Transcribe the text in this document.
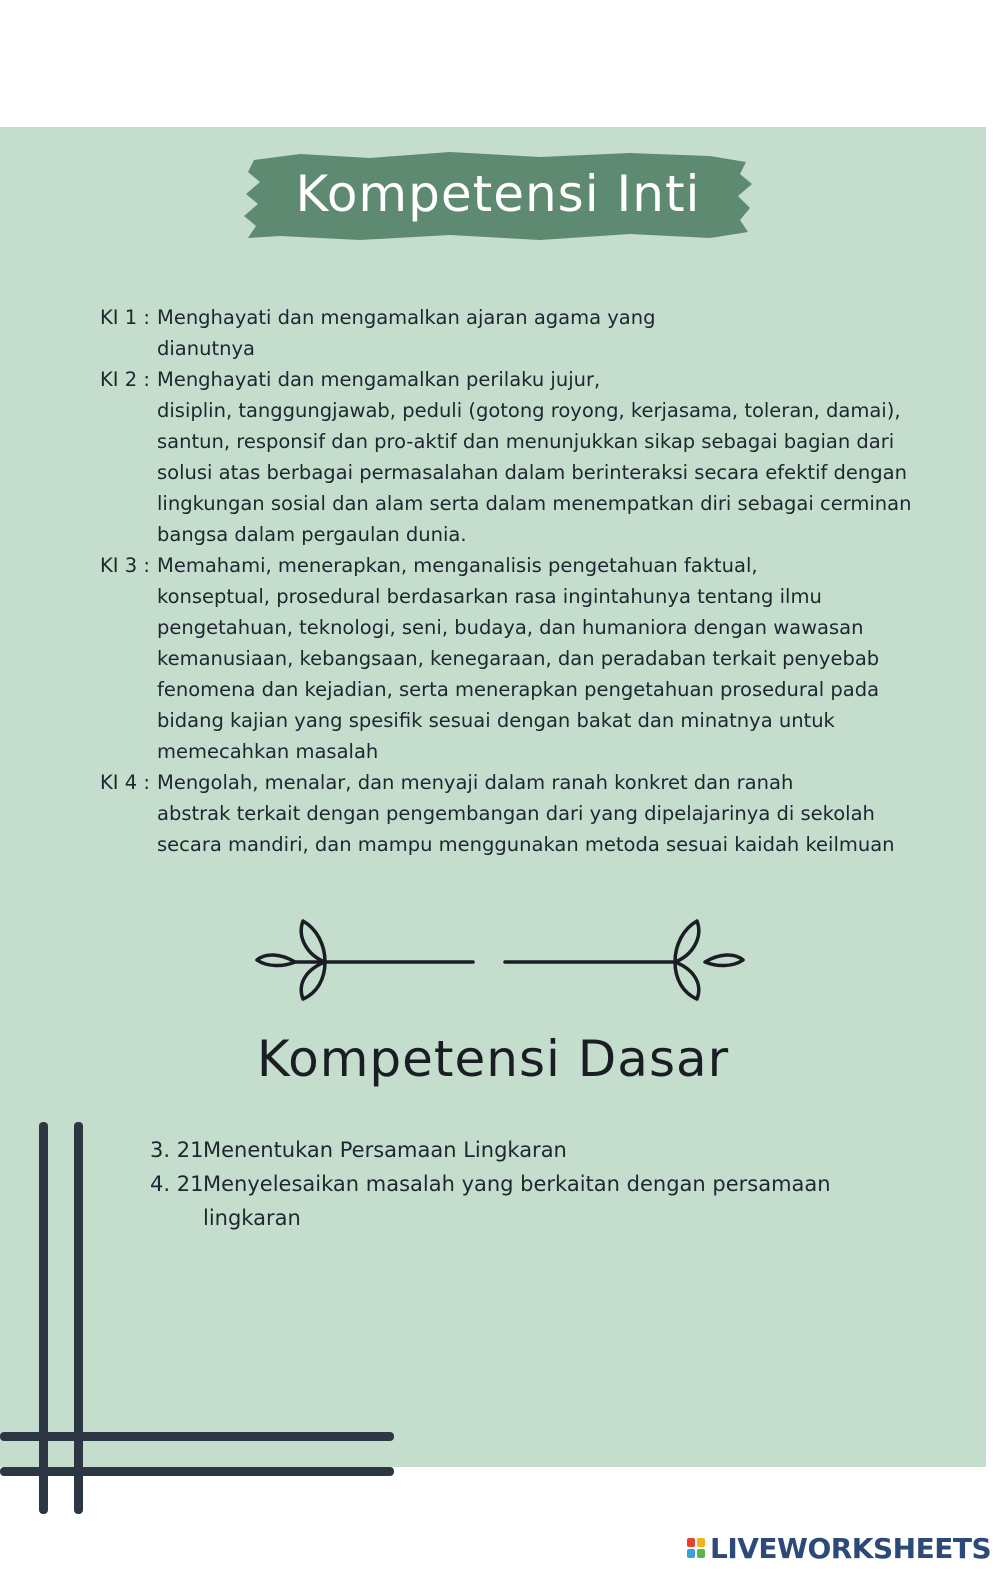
Kompetensi Inti
KI 1 : Menghayati dan mengamalkan ajaran agama yang
dianutnya
KI 2 : Menghayati dan mengamalkan perilaku jujur,
disiplin, tanggungjawab, peduli (gotong royong, kerjasama, toleran, damai), santun, responsif dan pro-aktif dan menunjukkan sikap sebagai bagian dari solusi atas berbagai permasalahan dalam berinteraksi secara efektif dengan lingkungan sosial dan alam serta dalam menempatkan diri sebagai cerminan bangsa dalam pergaulan dunia.
KI 3 : Memahami, menerapkan, menganalisis pengetahuan faktual,
konseptual, prosedural berdasarkan rasa ingintahunya tentang ilmu pengetahuan, teknologi, seni, budaya, dan humaniora dengan wawasan kemanusiaan, kebangsaan, kenegaraan, dan peradaban terkait penyebab fenomena dan kejadian, serta menerapkan pengetahuan prosedural pada bidang kajian yang spesifik sesuai dengan bakat dan minatnya untuk memecahkan masalah
KI 4 : Mengolah, menalar, dan menyaji dalam ranah konkret dan ranah
abstrak terkait dengan pengembangan dari yang dipelajarinya di sekolah secara mandiri, dan mampu menggunakan metoda sesuai kaidah keilmuan
Kompetensi Dasar
3. 21 Menentukan Persamaan Lingkaran
4. 21 Menyelesaikan masalah yang berkaitan dengan persamaan lingkaran
LIVEWORKSHEETS
